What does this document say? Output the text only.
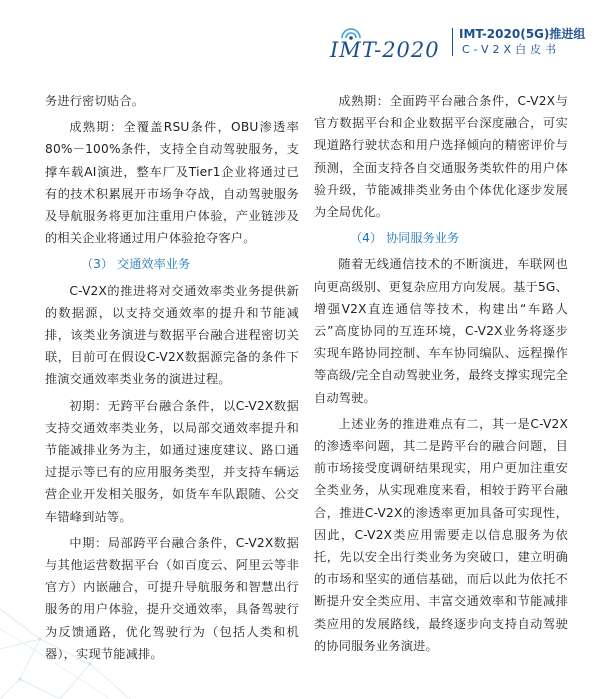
IMT-2020
IMT-2020(5G)推进组
C-V2X白皮书

务进行密切贴合。

成熟期：全覆盖RSU条件，OBU渗透率80%－100%条件，支持全自动驾驶服务，支撑车载AI演进，整车厂及Tier1企业将通过已有的技术积累展开市场争夺战，自动驾驶服务及导航服务将更加注重用户体验，产业链涉及的相关企业将通过用户体验抢夺客户。

（3） 交通效率业务

C-V2X的推进将对交通效率类业务提供新的数据源，以支持交通效率的提升和节能减排，该类业务演进与数据平台融合进程密切关联，目前可在假设C-V2X数据源完备的条件下推演交通效率类业务的演进过程。

初期：无跨平台融合条件，以C-V2X数据支持交通效率类业务，以局部交通效率提升和节能减排业务为主，如通过速度建议、路口通过提示等已有的应用服务类型，并支持车辆运营企业开发相关服务，如货车车队跟随、公交车错峰到站等。

中期：局部跨平台融合条件，C-V2X数据与其他运营数据平台（如百度云、阿里云等非官方）内嵌融合，可提升导航服务和智慧出行服务的用户体验，提升交通效率，具备驾驶行为反馈通路，优化驾驶行为（包括人类和机器），实现节能减排。

成熟期：全面跨平台融合条件，C-V2X与官方数据平台和企业数据平台深度融合，可实现道路行驶状态和用户选择倾向的精密评价与预测，全面支持各自交通服务类软件的用户体验升级，节能减排类业务由个体优化逐步发展为全局优化。

（4） 协同服务业务

随着无线通信技术的不断演进，车联网也向更高级别、更复杂应用方向发展。基于5G、增强V2X直连通信等技术，构建出“车路人云”高度协同的互连环境，C-V2X业务将逐步实现车路协同控制、车车协同编队、远程操作等高级/完全自动驾驶业务，最终支撑实现完全自动驾驶。

上述业务的推进难点有二，其一是C-V2X的渗透率问题，其二是跨平台的融合问题，目前市场接受度调研结果现实，用户更加注重安全类业务，从实现难度来看，相较于跨平台融合，推进C-V2X的渗透率更加具备可实现性，因此，C-V2X类应用需要走以信息服务为依托，先以安全出行类业务为突破口，建立明确的市场和坚实的通信基础，而后以此为依托不断提升安全类应用、丰富交通效率和节能减排类应用的发展路线，最终逐步向支持自动驾驶的协同服务业务演进。
